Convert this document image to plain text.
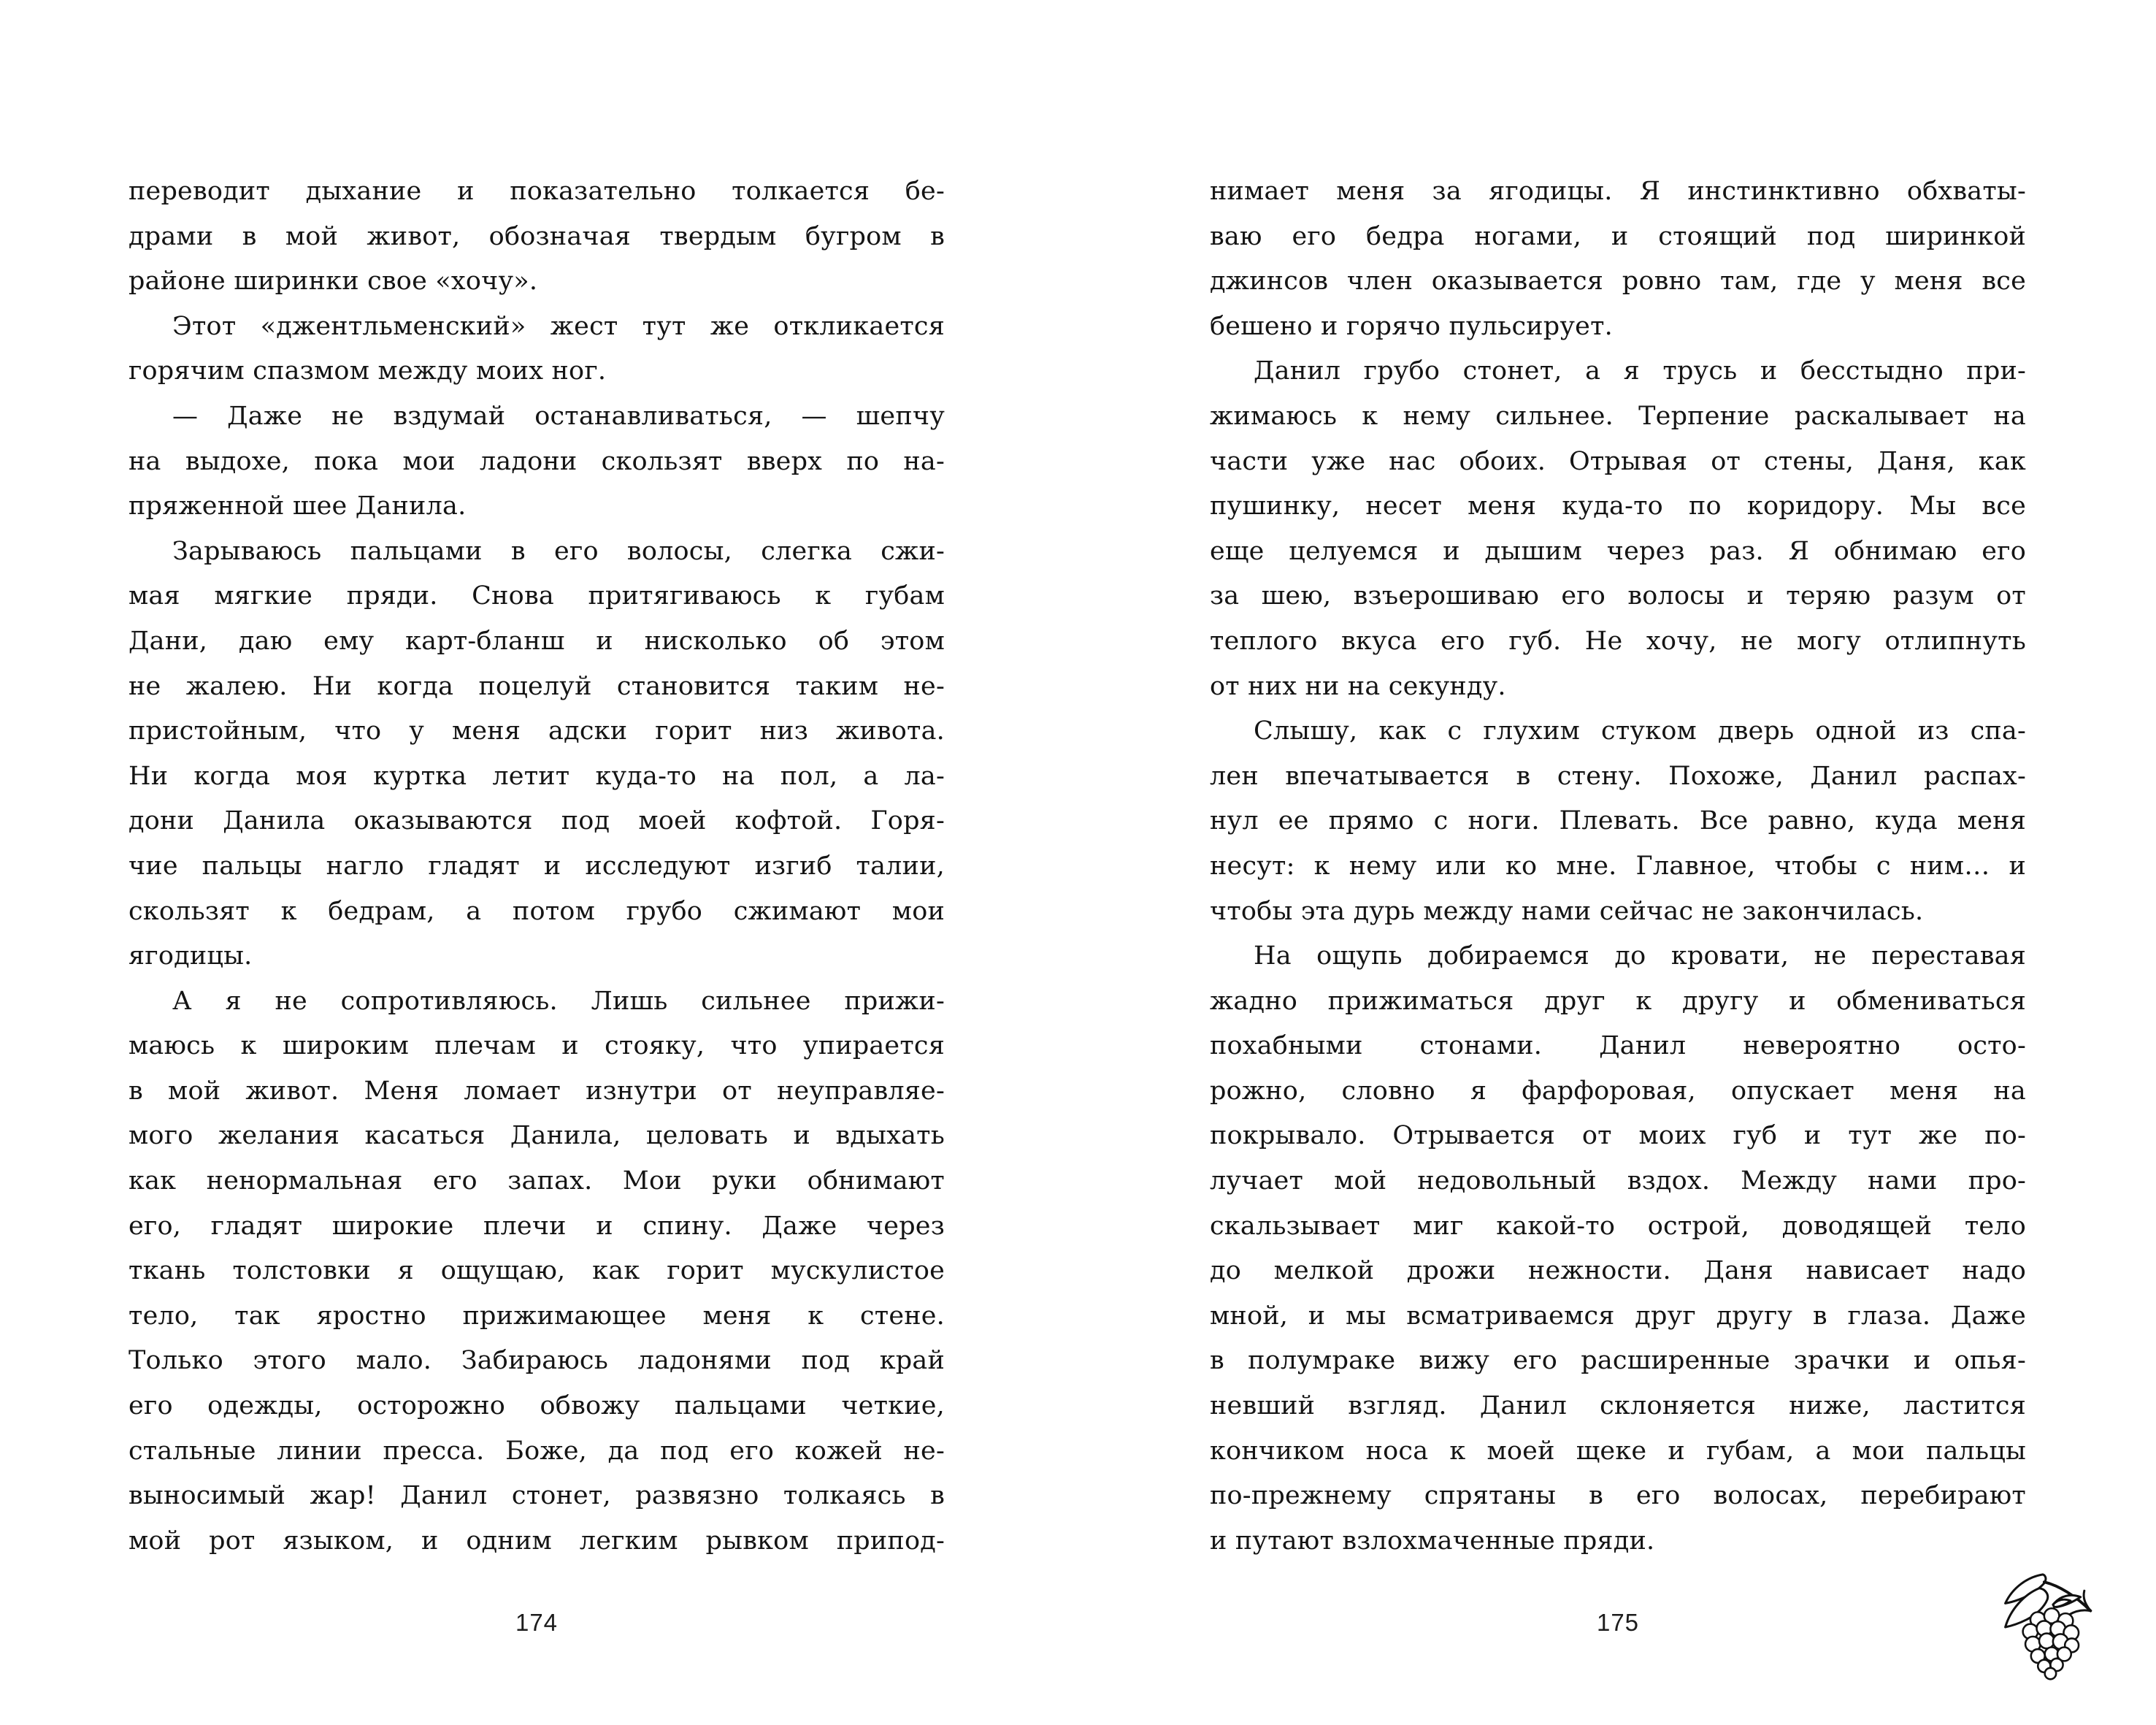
переводит дыхание и показательно толкается бе-
драми в мой живот, обозначая твердым бугром в
районе ширинки свое «хочу».
Этот «джентльменский» жест тут же откликается
горячим спазмом между моих ног.
— Даже не вздумай останавливаться, — шепчу
на выдохе, пока мои ладони скользят вверх по на-
пряженной шее Данила.
Зарываюсь пальцами в его волосы, слегка сжи-
мая мягкие пряди. Снова притягиваюсь к губам
Дани, даю ему карт-бланш и нисколько об этом
не жалею. Ни когда поцелуй становится таким не-
пристойным, что у меня адски горит низ живота.
Ни когда моя куртка летит куда-то на пол, а ла-
дони Данила оказываются под моей кофтой. Горя-
чие пальцы нагло гладят и исследуют изгиб талии,
скользят к бедрам, а потом грубо сжимают мои
ягодицы.
А я не сопротивляюсь. Лишь сильнее прижи-
маюсь к широким плечам и стояку, что упирается
в мой живот. Меня ломает изнутри от неуправляе-
мого желания касаться Данила, целовать и вдыхать
как ненормальная его запах. Мои руки обнимают
его, гладят широкие плечи и спину. Даже через
ткань толстовки я ощущаю, как горит мускулистое
тело, так яростно прижимающее меня к стене.
Только этого мало. Забираюсь ладонями под край
его одежды, осторожно обвожу пальцами четкие,
стальные линии пресса. Боже, да под его кожей не-
выносимый жар! Данил стонет, развязно толкаясь в
мой рот языком, и одним легким рывком припод-
нимает меня за ягодицы. Я инстинктивно обхваты-
ваю его бедра ногами, и стоящий под ширинкой
джинсов член оказывается ровно там, где у меня все
бешено и горячо пульсирует.
Данил грубо стонет, а я трусь и бесстыдно при-
жимаюсь к нему сильнее. Терпение раскалывает на
части уже нас обоих. Отрывая от стены, Даня, как
пушинку, несет меня куда-то по коридору. Мы все
еще целуемся и дышим через раз. Я обнимаю его
за шею, взъерошиваю его волосы и теряю разум от
теплого вкуса его губ. Не хочу, не могу отлипнуть
от них ни на секунду.
Слышу, как с глухим стуком дверь одной из спа-
лен впечатывается в стену. Похоже, Данил распах-
нул ее прямо с ноги. Плевать. Все равно, куда меня
несут: к нему или ко мне. Главное, чтобы с ним… и
чтобы эта дурь между нами сейчас не закончилась.
На ощупь добираемся до кровати, не переставая
жадно прижиматься друг к другу и обмениваться
похабными стонами. Данил невероятно осто-
рожно, словно я фарфоровая, опускает меня на
покрывало. Отрывается от моих губ и тут же по-
лучает мой недовольный вздох. Между нами про-
скальзывает миг какой-то острой, доводящей тело
до мелкой дрожи нежности. Даня нависает надо
мной, и мы всматриваемся друг другу в глаза. Даже
в полумраке вижу его расширенные зрачки и опья-
невший взгляд. Данил склоняется ниже, ластится
кончиком носа к моей щеке и губам, а мои пальцы
по-прежнему спрятаны в его волосах, перебирают
и путают взлохмаченные пряди.
174	175
